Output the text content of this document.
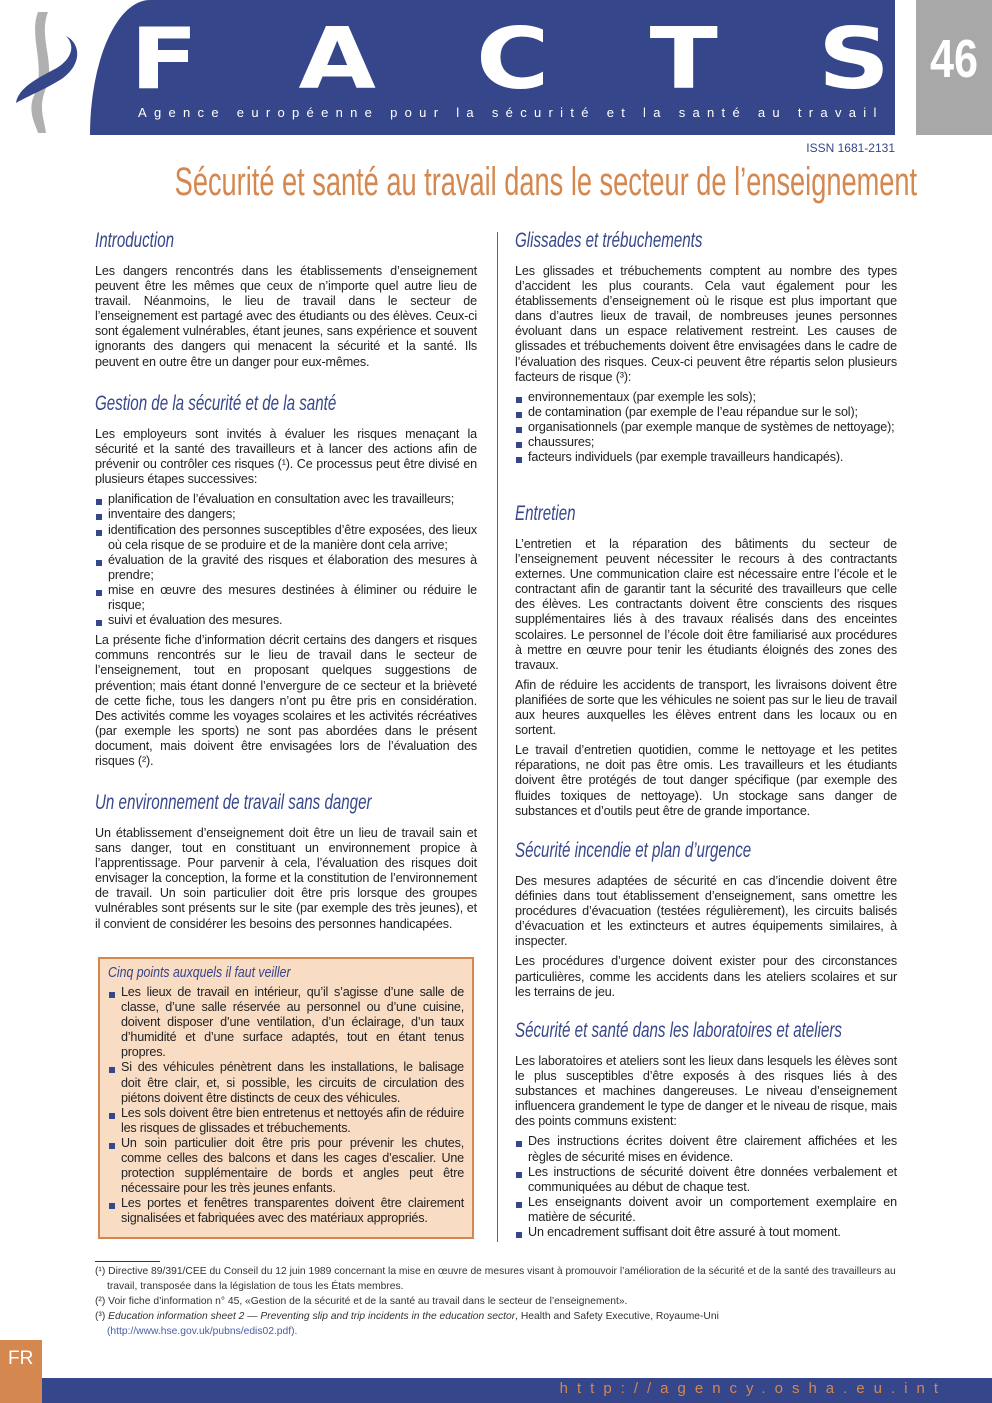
F A C T S
Agence européenne pour la sécurité et la santé au travail
46
ISSN 1681-2131
Sécurité et santé au travail dans le secteur de l’enseignement
Introduction

Les dangers rencontrés dans les établissements d’enseignement peuvent être les mêmes que ceux de n’importe quel autre lieu de travail. Néanmoins, le lieu de travail dans le secteur de l’enseignement est partagé avec des étudiants ou des élèves. Ceux-ci sont également vulnérables, étant jeunes, sans expérience et souvent ignorants des dangers qui menacent la sécurité et la santé. Ils peuvent en outre être un danger pour eux-mêmes.

Gestion de la sécurité et de la santé

Les employeurs sont invités à évaluer les risques menaçant la sécurité et la santé des travailleurs et à lancer des actions afin de prévenir ou contrôler ces risques (¹). Ce processus peut être divisé en plusieurs étapes successives:

planification de l’évaluation en consultation avec les travailleurs;
inventaire des dangers;
identification des personnes susceptibles d’être exposées, des lieux où cela risque de se produire et de la manière dont cela arrive;
évaluation de la gravité des risques et élaboration des mesures à prendre;
mise en œuvre des mesures destinées à éliminer ou réduire le risque;
suivi et évaluation des mesures.

La présente fiche d’information décrit certains des dangers et risques communs rencontrés sur le lieu de travail dans le secteur de l’enseignement, tout en proposant quelques suggestions de prévention; mais étant donné l’envergure de ce secteur et la brièveté de cette fiche, tous les dangers n’ont pu être pris en considération. Des activités comme les voyages scolaires et les activités récréatives (par exemple les sports) ne sont pas abordées dans le présent document, mais doivent être envisagées lors de l’évaluation des risques (²).

Un environnement de travail sans danger

Un établissement d’enseignement doit être un lieu de travail sain et sans danger, tout en constituant un environnement propice à l’apprentissage. Pour parvenir à cela, l’évaluation des risques doit envisager la conception, la forme et la constitution de l’environnement de travail. Un soin particulier doit être pris lorsque des groupes vulnérables sont présents sur le site (par exemple des très jeunes), et il convient de considérer les besoins des personnes handicapées.

Cinq points auxquels il faut veiller
Les lieux de travail en intérieur, qu’il s’agisse d’une salle de classe, d’une salle réservée au personnel ou d’une cuisine, doivent disposer d’une ventilation, d’un éclairage, d’un taux d’humidité et d’une surface adaptés, tout en étant tenus propres.
Si des véhicules pénètrent dans les installations, le balisage doit être clair, et, si possible, les circuits de circulation des piétons doivent être distincts de ceux des véhicules.
Les sols doivent être bien entretenus et nettoyés afin de réduire les risques de glissades et trébuchements.
Un soin particulier doit être pris pour prévenir les chutes, comme celles des balcons et dans les cages d’escalier. Une protection supplémentaire de bords et angles peut être nécessaire pour les très jeunes enfants.
Les portes et fenêtres transparentes doivent être clairement signalisées et fabriquées avec des matériaux appropriés.
Glissades et trébuchements

Les glissades et trébuchements comptent au nombre des types d’accident les plus courants. Cela vaut également pour les établissements d’enseignement où le risque est plus important que dans d’autres lieux de travail, de nombreuses jeunes personnes évoluant dans un espace relativement restreint. Les causes de glissades et trébuchements doivent être envisagées dans le cadre de l’évaluation des risques. Ceux-ci peuvent être répartis selon plusieurs facteurs de risque (³):

environnementaux (par exemple les sols);
de contamination (par exemple de l’eau répandue sur le sol);
organisationnels (par exemple manque de systèmes de nettoyage);
chaussures;
facteurs individuels (par exemple travailleurs handicapés).
Entretien

L’entretien et la réparation des bâtiments du secteur de l’enseignement peuvent nécessiter le recours à des contractants externes. Une communication claire est nécessaire entre l’école et le contractant afin de garantir tant la sécurité des travailleurs que celle des élèves. Les contractants doivent être conscients des risques supplémentaires liés à des travaux réalisés dans des enceintes scolaires. Le personnel de l’école doit être familiarisé aux procédures à mettre en œuvre pour tenir les étudiants éloignés des zones des travaux.

Afin de réduire les accidents de transport, les livraisons doivent être planifiées de sorte que les véhicules ne soient pas sur le lieu de travail aux heures auxquelles les élèves entrent dans les locaux ou en sortent.

Le travail d’entretien quotidien, comme le nettoyage et les petites réparations, ne doit pas être omis. Les travailleurs et les étudiants doivent être protégés de tout danger spécifique (par exemple des fluides toxiques de nettoyage). Un stockage sans danger de substances et d’outils peut être de grande importance.

Sécurité incendie et plan d’urgence

Des mesures adaptées de sécurité en cas d’incendie doivent être définies dans tout établissement d’enseignement, sans omettre les procédures d’évacuation (testées régulièrement), les circuits balisés d’évacuation et les extincteurs et autres équipements similaires, à inspecter.

Les procédures d’urgence doivent exister pour des circonstances particulières, comme les accidents dans les ateliers scolaires et sur les terrains de jeu.

Sécurité et santé dans les laboratoires et ateliers

Les laboratoires et ateliers sont les lieux dans lesquels les élèves sont le plus susceptibles d’être exposés à des risques liés à des substances et machines dangereuses. Le niveau d’enseignement influencera grandement le type de danger et le niveau de risque, mais des points communs existent:

Des instructions écrites doivent être clairement affichées et les règles de sécurité mises en évidence.
Les instructions de sécurité doivent être données verbalement et communiquées au début de chaque test.
Les enseignants doivent avoir un comportement exemplaire en matière de sécurité.
Un encadrement suffisant doit être assuré à tout moment.
(¹) Directive 89/391/CEE du Conseil du 12 juin 1989 concernant la mise en œuvre de mesures visant à promouvoir l’amélioration de la sécurité et de la santé des travailleurs au travail, transposée dans la législation de tous les États membres.
(²) Voir fiche d’information n° 45, «Gestion de la sécurité et de la santé au travail dans le secteur de l’enseignement».
(³) Education information sheet 2 — Preventing slip and trip incidents in the education sector, Health and Safety Executive, Royaume-Uni (http://www.hse.gov.uk/pubns/edis02.pdf).
FR
http://agency.osha.eu.int
